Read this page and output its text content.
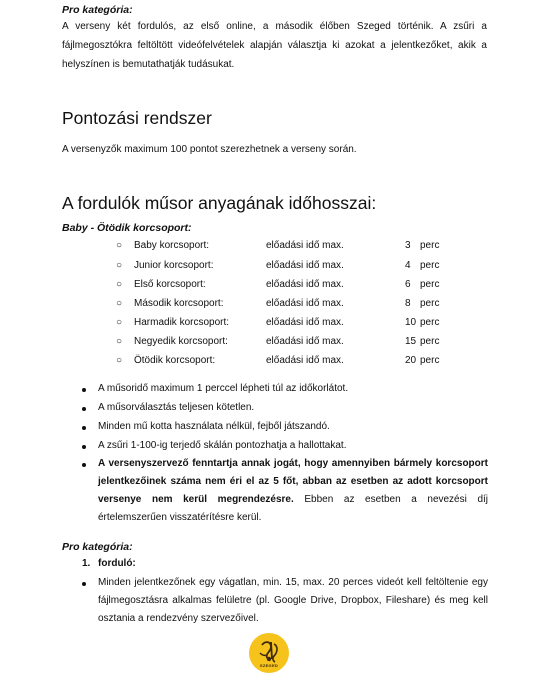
Pro kategória:
A verseny két fordulós, az első online, a második élőben Szeged történik. A zsűri a fájlmegosztókra feltöltött videófelvételek alapján választja ki azokat a jelentkezőket, akik a helyszínen is bemutathatják tudásukat.
Pontozási rendszer
A versenyzők maximum 100 pontot szerezhetnek a verseny során.
A fordulók műsor anyagának időhosszai:
Baby - Ötödik korcsoport:
○ Baby korcsoport:	előadási idő max.	3 perc
○ Junior korcsoport:	előadási idő max.	4 perc
○ Első korcsoport:	előadási idő max.	6 perc
○ Második korcsoport:	előadási idő max.	8 perc
○ Harmadik korcsoport:	előadási idő max.	10 perc
○ Negyedik korcsoport:	előadási idő max.	15 perc
○ Ötödik korcsoport:	előadási idő max.	20 perc
A műsoridő maximum 1 perccel lépheti túl az időkorlátot.
A műsorválasztás teljesen kötetlen.
Minden mű kotta használata nélkül, fejből játszandó.
A zsűri 1-100-ig terjedő skálán pontozhatja a hallottakat.
A versenyszervező fenntartja annak jogát, hogy amennyiben bármely korcsoport jelentkezőinek száma nem éri el az 5 főt, abban az esetben az adott korcsoport versenye nem kerül megrendezésre. Ebben az esetben a nevezési díj értelemszerűen visszatérítésre kerül.
Pro kategória:
1. forduló:
Minden jelentkezőnek egy vágatlan, min. 15, max. 20 perces videót kell feltöltenie egy fájlmegosztásra alkalmas felületre (pl. Google Drive, Dropbox, Fileshare) és meg kell osztania a rendezvény szervezőivel.
SZEGED
